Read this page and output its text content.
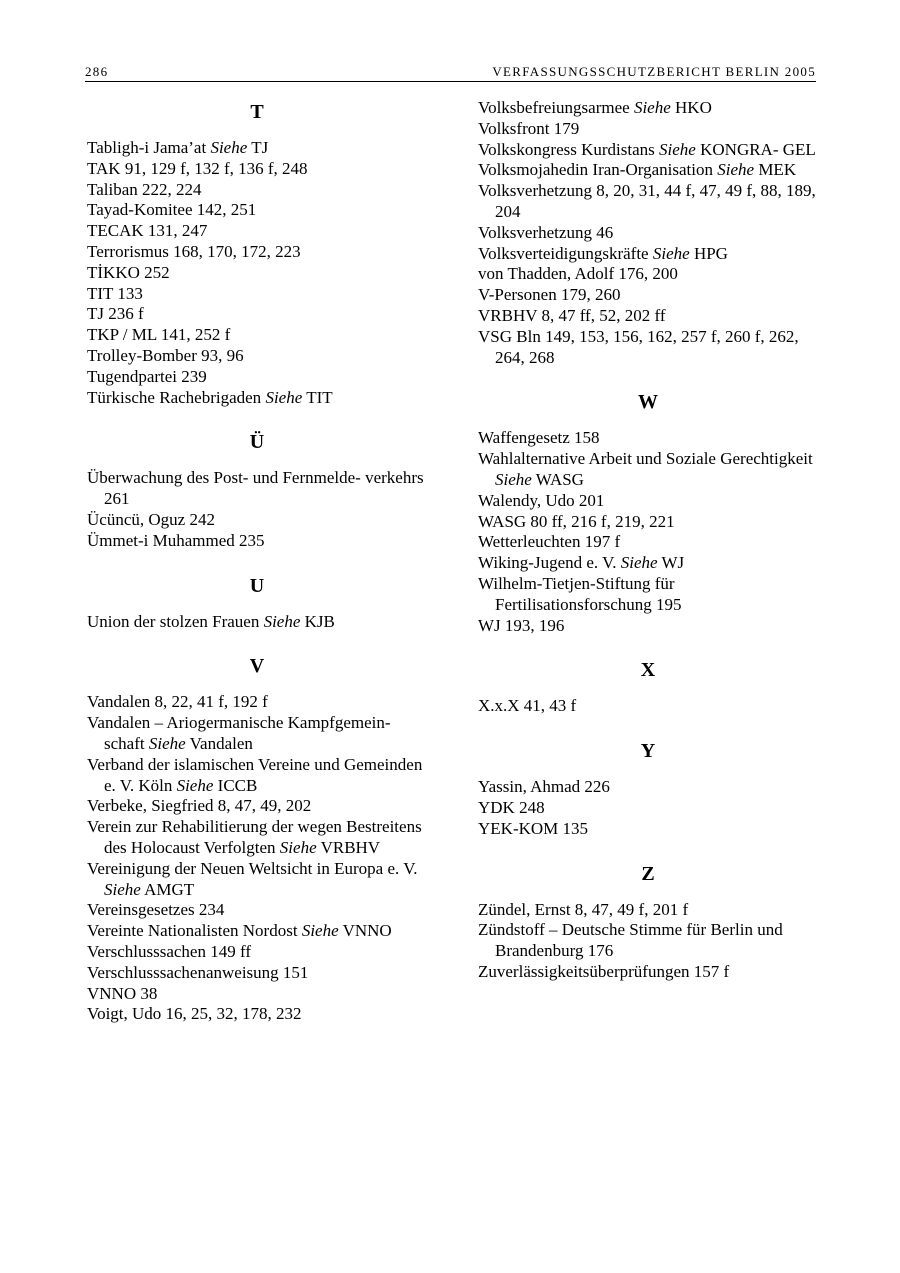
286	VERFASSUNGSSCHUTZBERICHT BERLIN 2005
T
Tabligh-i Jama’at Siehe TJ
TAK 91, 129 f, 132 f, 136 f, 248
Taliban 222, 224
Tayad-Komitee 142, 251
TECAK 131, 247
Terrorismus 168, 170, 172, 223
TİKKO 252
TIT 133
TJ 236 f
TKP / ML 141, 252 f
Trolley-Bomber 93, 96
Tugendpartei 239
Türkische Rachebrigaden Siehe TIT
Ü
Überwachung des Post- und Fernmelde- verkehrs 261
Ücüncü, Oguz 242
Ümmet-i Muhammed 235
U
Union der stolzen Frauen Siehe KJB
V
Vandalen 8, 22, 41 f, 192 f
Vandalen – Ariogermanische Kampfgemein- schaft Siehe Vandalen
Verband der islamischen Vereine und Gemeinden e. V. Köln Siehe ICCB
Verbeke, Siegfried 8, 47, 49, 202
Verein zur Rehabilitierung der wegen Bestreitens des Holocaust Verfolgten Siehe VRBHV
Vereinigung der Neuen Weltsicht in Europa e. V. Siehe AMGT
Vereinsgesetzes 234
Vereinte Nationalisten Nordost Siehe VNNO
Verschlusssachen 149 ff
Verschlusssachenanweisung 151
VNNO 38
Voigt, Udo 16, 25, 32, 178, 232
Volksbefreiungsarmee Siehe HKO
Volksfront 179
Volkskongress Kurdistans Siehe KONGRA- GEL
Volksmojahedin Iran-Organisation Siehe MEK
Volksverhetzung 8, 20, 31, 44 f, 47, 49 f, 88, 189, 204
Volksverhetzung 46
Volksverteidigungskräfte Siehe HPG
von Thadden, Adolf 176, 200
V-Personen 179, 260
VRBHV 8, 47 ff, 52, 202 ff
VSG Bln 149, 153, 156, 162, 257 f, 260 f, 262, 264, 268
W
Waffengesetz 158
Wahlalternative Arbeit und Soziale Gerechtigkeit Siehe WASG
Walendy, Udo 201
WASG 80 ff, 216 f, 219, 221
Wetterleuchten 197 f
Wiking-Jugend e. V. Siehe WJ
Wilhelm-Tietjen-Stiftung für Fertilisationsforschung 195
WJ 193, 196
X
X.x.X 41, 43 f
Y
Yassin, Ahmad 226
YDK 248
YEK-KOM 135
Z
Zündel, Ernst 8, 47, 49 f, 201 f
Zündstoff – Deutsche Stimme für Berlin und Brandenburg 176
Zuverlässigkeitsüberprüfungen 157 f
